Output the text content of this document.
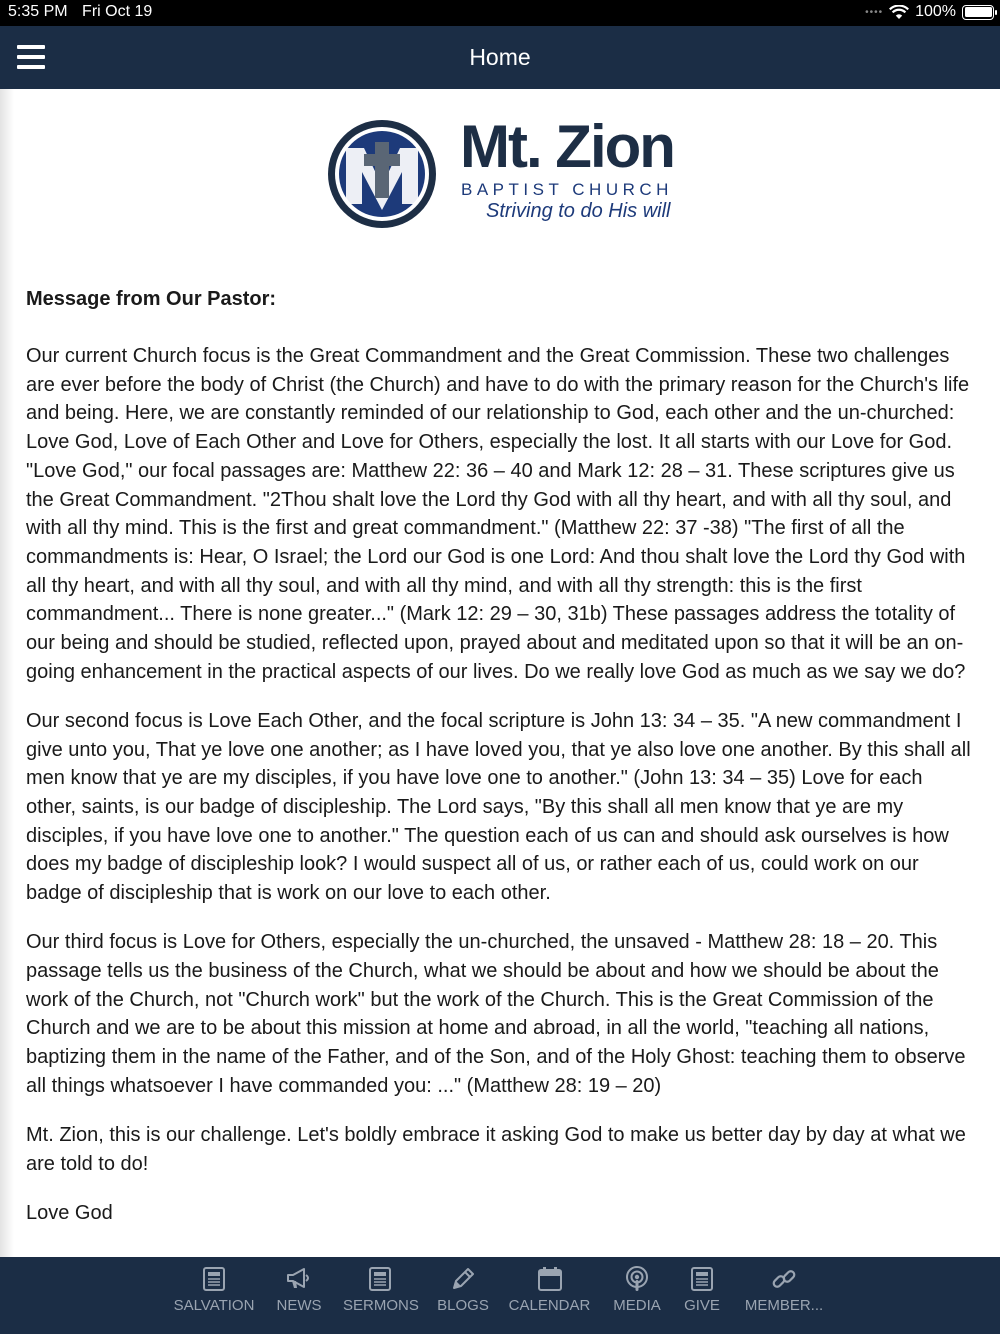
5:35 PM Fri Oct 19	•••• 100%
Home
Mt. Zion
BAPTIST CHURCH
Striving to do His will
Message from Our Pastor:

Our current Church focus is the Great Commandment and the Great Commission. These two challenges are ever before the body of Christ (the Church) and have to do with the primary reason for the Church's life and being. Here, we are constantly reminded of our relationship to God, each other and the un-churched: Love God, Love of Each Other and Love for Others, especially the lost. It all starts with our Love for God. "Love God," our focal passages are: Matthew 22: 36 – 40 and Mark 12: 28 – 31. These scriptures give us the Great Commandment. "2Thou shalt love the Lord thy God with all thy heart, and with all thy soul, and with all thy mind. This is the first and great commandment." (Matthew 22: 37 -38) "The first of all the commandments is: Hear, O Israel; the Lord our God is one Lord: And thou shalt love the Lord thy God with all thy heart, and with all thy soul, and with all thy mind, and with all thy strength: this is the first commandment... There is none greater..." (Mark 12: 29 – 30, 31b) These passages address the totality of our being and should be studied, reflected upon, prayed about and meditated upon so that it will be an on-going enhancement in the practical aspects of our lives. Do we really love God as much as we say we do?

Our second focus is Love Each Other, and the focal scripture is John 13: 34 – 35. "A new commandment I give unto you, That ye love one another; as I have loved you, that ye also love one another. By this shall all men know that ye are my disciples, if you have love one to another." (John 13: 34 – 35) Love for each other, saints, is our badge of discipleship. The Lord says, "By this shall all men know that ye are my disciples, if you have love one to another." The question each of us can and should ask ourselves is how does my badge of discipleship look? I would suspect all of us, or rather each of us, could work on our badge of discipleship that is work on our love to each other.

Our third focus is Love for Others, especially the un-churched, the unsaved - Matthew 28: 18 – 20. This passage tells us the business of the Church, what we should be about and how we should be about the work of the Church, not "Church work" but the work of the Church. This is the Great Commission of the Church and we are to be about this mission at home and abroad, in all the world, "teaching all nations, baptizing them in the name of the Father, and of the Son, and of the Holy Ghost: teaching them to observe all things whatsoever I have commanded you: ..." (Matthew 28: 19 – 20)

Mt. Zion, this is our challenge. Let's boldly embrace it asking God to make us better day by day at what we are told to do!

Love God

SALVATION NEWS SERMONS BLOGS CALENDAR MEDIA GIVE MEMBER...
